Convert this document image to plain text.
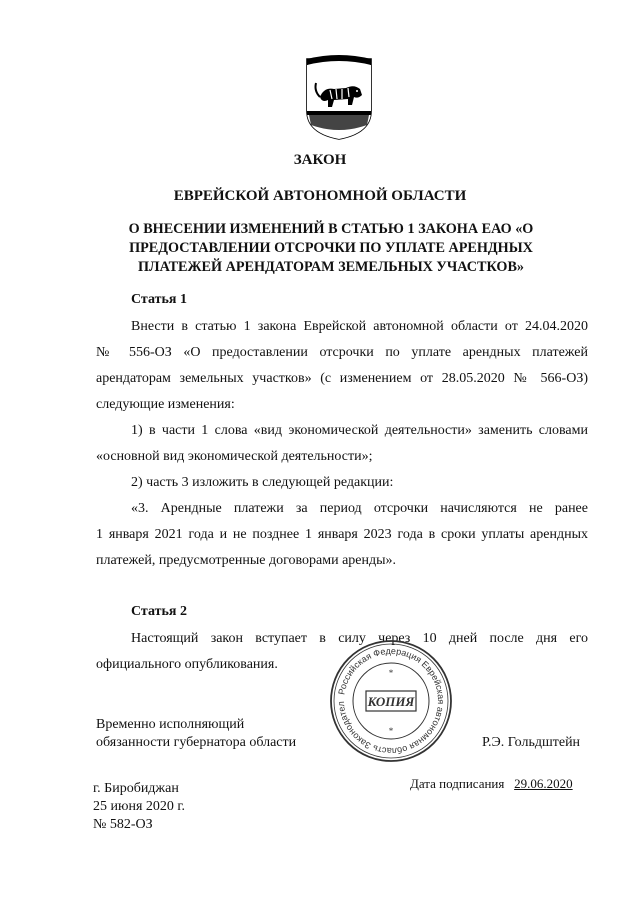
ЗАКОН
ЕВРЕЙСКОЙ АВТОНОМНОЙ ОБЛАСТИ
О ВНЕСЕНИИ ИЗМЕНЕНИЙ В СТАТЬЮ 1 ЗАКОНА ЕАО «О
ПРЕДОСТАВЛЕНИИ ОТСРОЧКИ ПО УПЛАТЕ АРЕНДНЫХ
ПЛАТЕЖЕЙ АРЕНДАТОРАМ ЗЕМЕЛЬНЫХ УЧАСТКОВ»
Статья 1
Внести в статью 1 закона Еврейской автономной области от 24.04.2020
№ 556-ОЗ «О предоставлении отсрочки по уплате арендных платежей
арендаторам земельных участков» (с изменением от 28.05.2020 № 566-ОЗ)
следующие изменения:
1) в части 1 слова «вид экономической деятельности» заменить словами
«основной вид экономической деятельности»;
2) часть 3 изложить в следующей редакции:
«3. Арендные платежи за период отсрочки начисляются не ранее
1 января 2021 года и не позднее 1 января 2023 года в сроки уплаты арендных
платежей, предусмотренные договорами аренды».
Статья 2
Настоящий закон вступает в силу через 10 дней после дня его
официального опубликования.
Российская Федерация Еврейская автономная область Законодател	КОПИЯ
*
*
Временно исполняющий
обязанности губернатора области	Р.Э. Гольдштейн
г. Биробиджан
25 июня 2020 г.
№ 582-ОЗ
Дата подписания 29.06.2020
